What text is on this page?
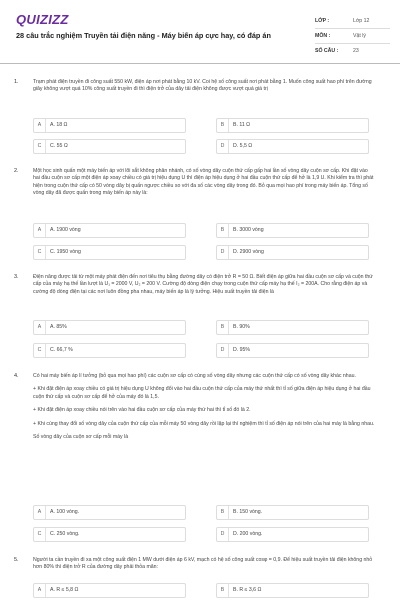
QUIZIZZ
28 câu trắc nghiệm Truyền tải điện năng - Máy biến áp cực hay, có đáp án
LỚP :	Lớp 12
MÔN :	Vật lý
SỐ CÂU :	23
1.	Trạm phát điện truyền đi công suất 550 kW, điện áp nơi phát bằng 10 kV. Coi hệ số công suất nơi phát bằng 1. Muốn công suất hao phí trên đường giây không vượt quá 10% công suất truyền đi thì điện trở của dây tải điện không được vượt quá giá trị

A	A. 18 Ω	B	B. 11 Ω
C	C. 55 Ω	D	D. 5,5 Ω
2.	Một học sinh quấn một máy biến áp với lõi sắt không phân nhánh, có số vòng dây cuộn thứ cấp gấp hai lần số vòng dây cuộn sơ cấp. Khi đặt vào hai đầu cuộn sơ cấp một điện áp xoay chiều có giá trị hiệu dụng U thì điện áp hiệu dụng ở hai đầu cuộn thứ cấp để hở là 1,9 U. Khi kiểm tra thì phát hiện trong cuộn thứ cấp có 50 vòng dây bị quấn ngược chiều so với đa số các vòng dây trong đó. Bỏ qua mọi hao phí trong máy biến áp. Tổng số vòng dây đã được quấn trong máy biến áp này là:

A	A. 1900 vòng	B	B. 3000 vòng
C	C. 1950 vòng	D	D. 2900 vòng
3.	Điện năng được tải từ một máy phát điện đến nơi tiêu thụ bằng đường dây có điện trở R = 50 Ω. Biết điện áp giữa hai đầu cuộn sơ cấp và cuộn thứ cấp của máy hạ thế lần lượt là U₁ = 2000 V, U₂ = 200 V. Cường độ dòng điện chạy trong cuộn thứ cấp máy hạ thế I₂ = 200A. Cho rằng điện áp và cường độ dòng điện tại các nơi luôn đồng pha nhau, máy biến áp là lý tưởng. Hiệu suất truyền tải điện là

A	A. 85%	B	B. 90%
C	C. 66,7 %	D	D. 95%
4.	Có hai máy biến áp lí tưởng (bỏ qua mọi hao phí) các cuộn sơ cấp có cùng số vòng dây nhưng các cuộn thứ cấp có số vòng dây khác nhau.

+ Khi đặt điện áp xoay chiều có giá trị hiệu dụng U không đổi vào hai đầu cuộn thứ cấp của máy thứ nhất thì tỉ số giữa điện áp hiệu dụng ở hai đầu cuộn thứ cấp và cuộn sơ cấp để hở của máy đó là 1,5.

+ Khi đặt điện áp xoay chiều nói trên vào hai đầu cuộn sơ cấp của máy thứ hai thì tỉ số đó là 2.

+ Khi cùng thay đổi số vòng dây của cuộn thứ cấp của mỗi máy 50 vòng dây rồi lặp lại thí nghiệm thì tỉ số điện áp nói trên của hai máy là bằng nhau.

Số vòng dây của cuộn sơ cấp mỗi máy là

A	A. 100 vòng.	B	B. 150 vòng.
C	C. 250 vòng.	D	D. 200 vòng.
5.	Người ta cần truyền đi xa một công suất điện 1 MW dưới điện áp 6 kV, mạch có hệ số công suất cosφ = 0,9. Để hiệu suất truyền tải điện không nhỏ hơn 80% thì điện trở R của đường dây phải thỏa mãn:

A	A. R ≤ 5,8 Ω	B	B. R ≤ 3,6 Ω
